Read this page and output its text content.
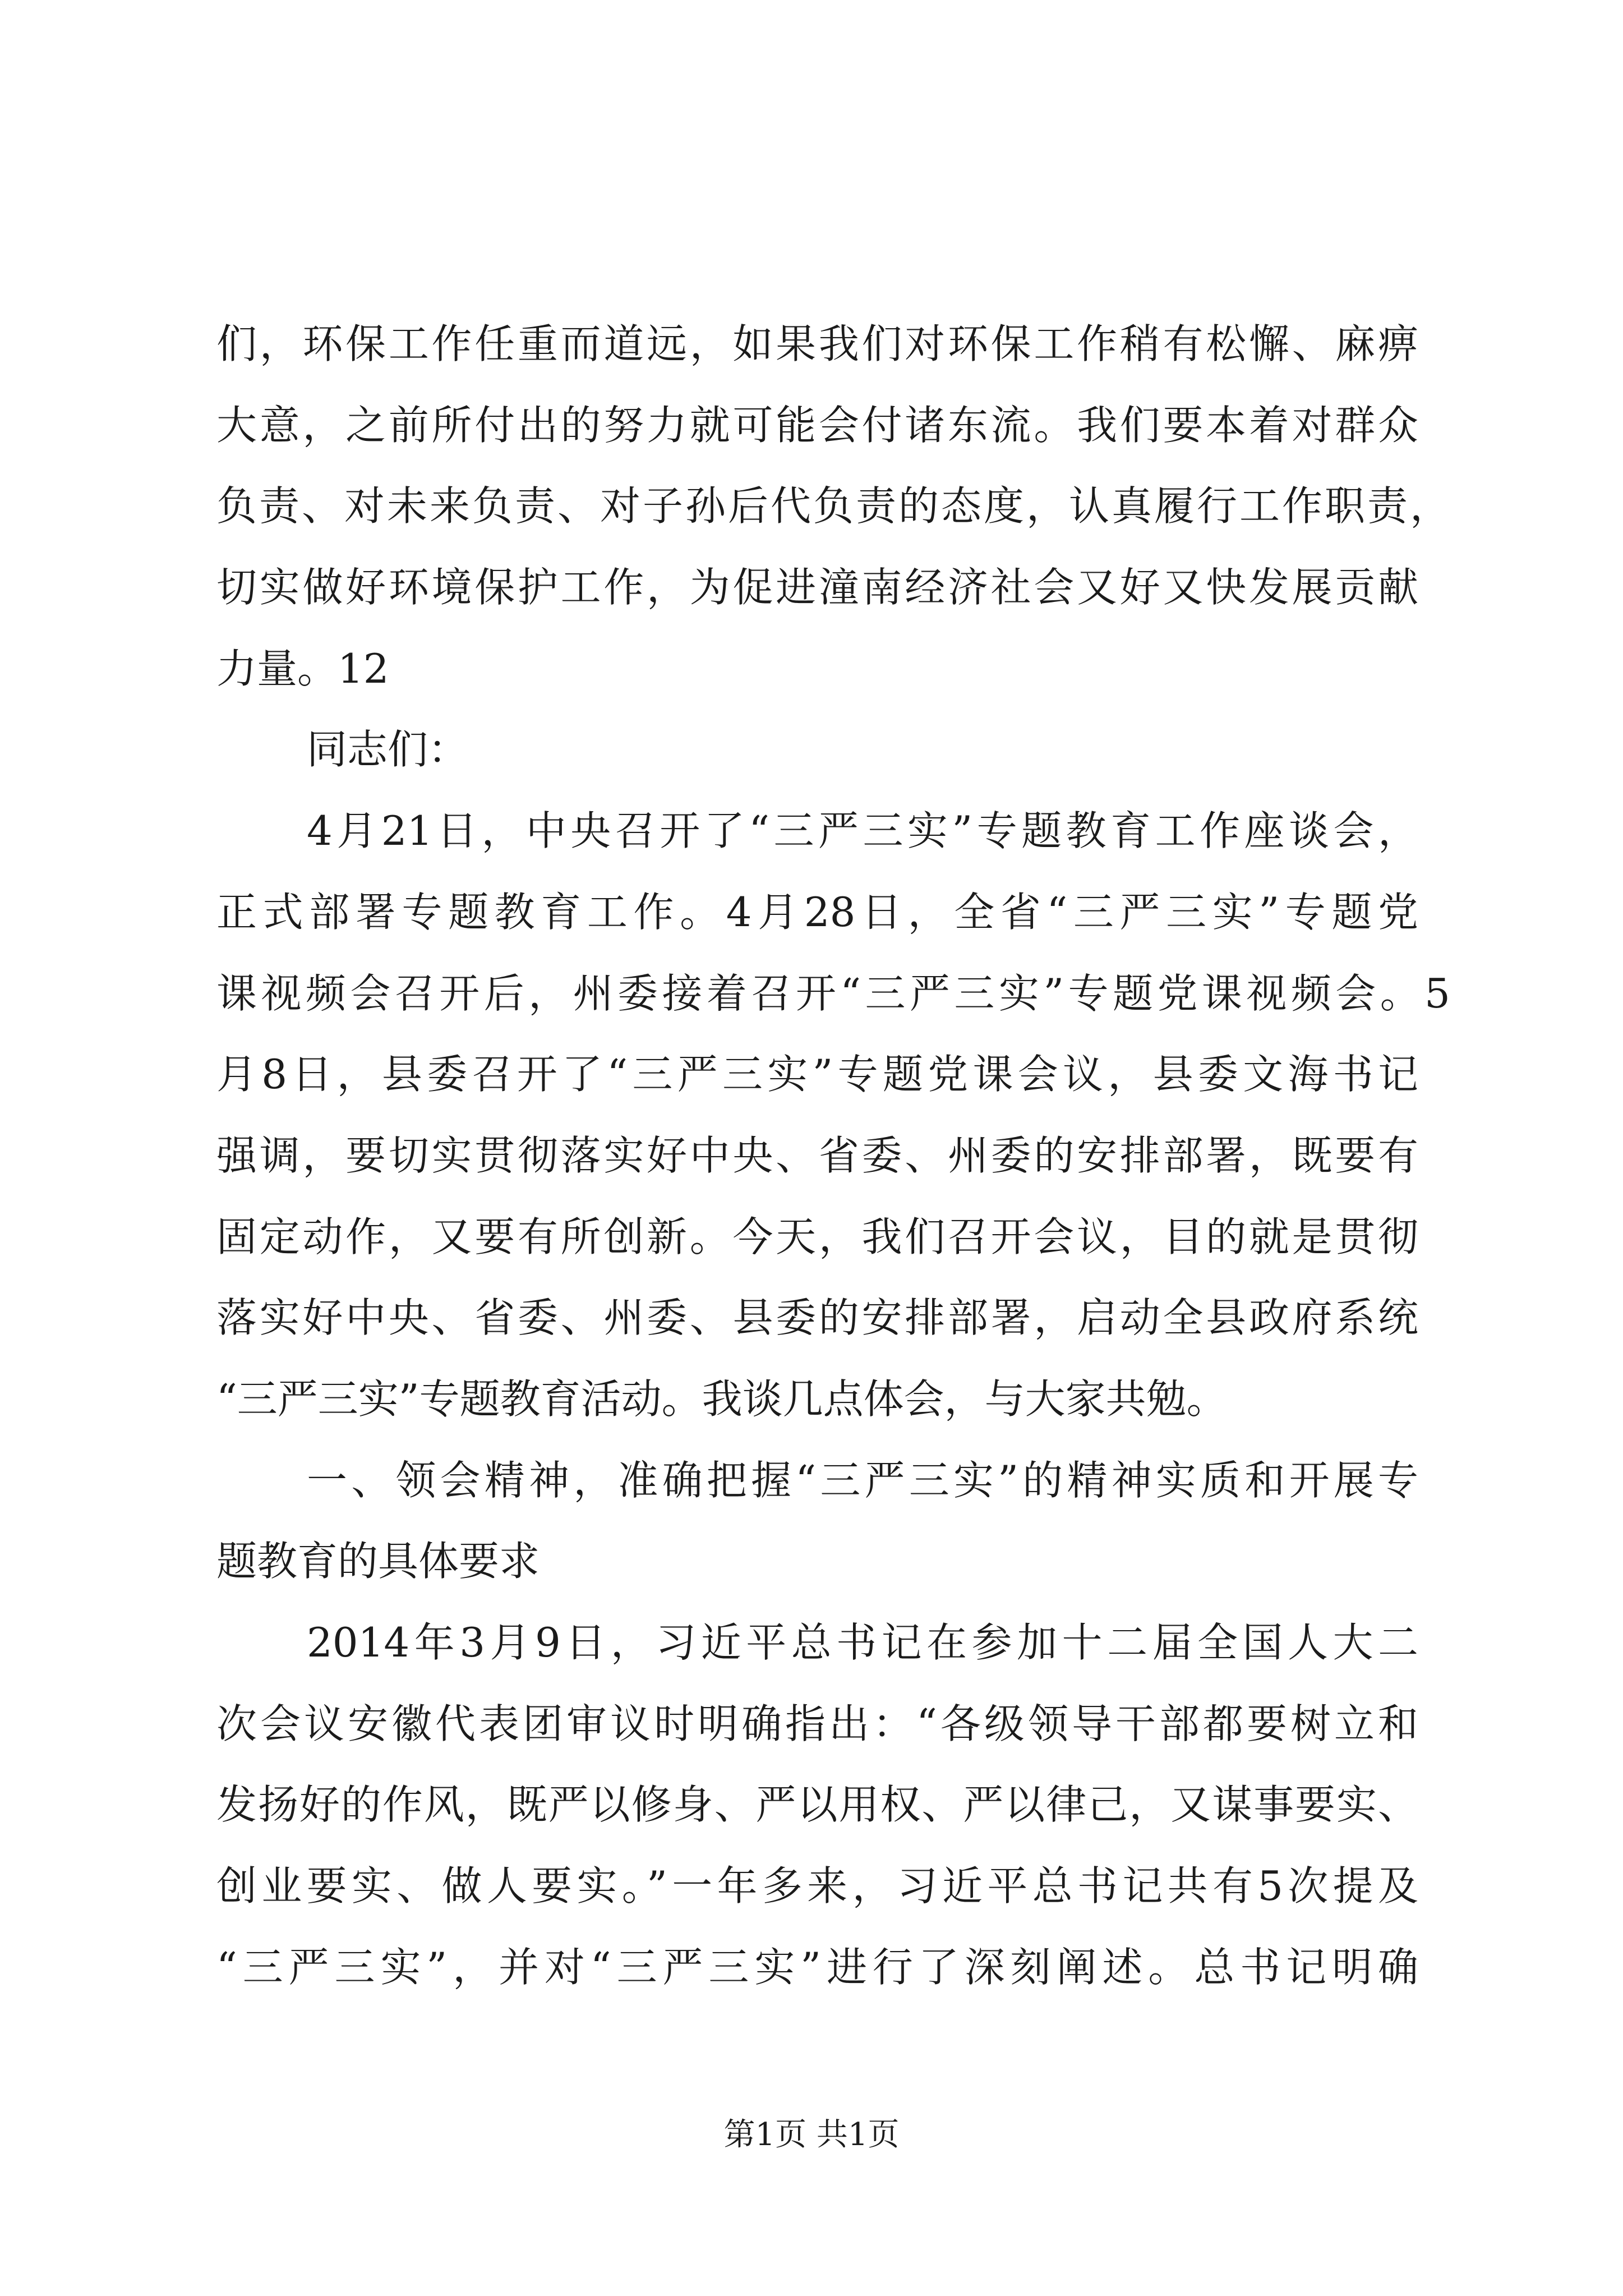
们，环保工作任重而道远，如果我们对环保工作稍有松懈、麻痹
大意，之前所付出的努力就可能会付诸东流。我们要本着对群众
负责、对未来负责、对子孙后代负责的态度，认真履行工作职责，
切实做好环境保护工作，为促进潼南经济社会又好又快发展贡献
力量。12
同志们：
4月21日，中央召开了“三严三实”专题教育工作座谈会，
正式部署专题教育工作。4月28日，全省“三严三实”专题党
课视频会召开后，州委接着召开“三严三实”专题党课视频会。5
月8日，县委召开了“三严三实”专题党课会议，县委文海书记
强调，要切实贯彻落实好中央、省委、州委的安排部署，既要有
固定动作，又要有所创新。今天，我们召开会议，目的就是贯彻
落实好中央、省委、州委、县委的安排部署，启动全县政府系统
“三严三实”专题教育活动。我谈几点体会，与大家共勉。
一、领会精神，准确把握“三严三实”的精神实质和开展专
题教育的具体要求
2014年3月9日，习近平总书记在参加十二届全国人大二
次会议安徽代表团审议时明确指出：“各级领导干部都要树立和
发扬好的作风，既严以修身、严以用权、严以律己，又谋事要实、
创业要实、做人要实。”一年多来，习近平总书记共有5次提及
“三严三实”，并对“三严三实”进行了深刻阐述。总书记明确
第1页 共1页
